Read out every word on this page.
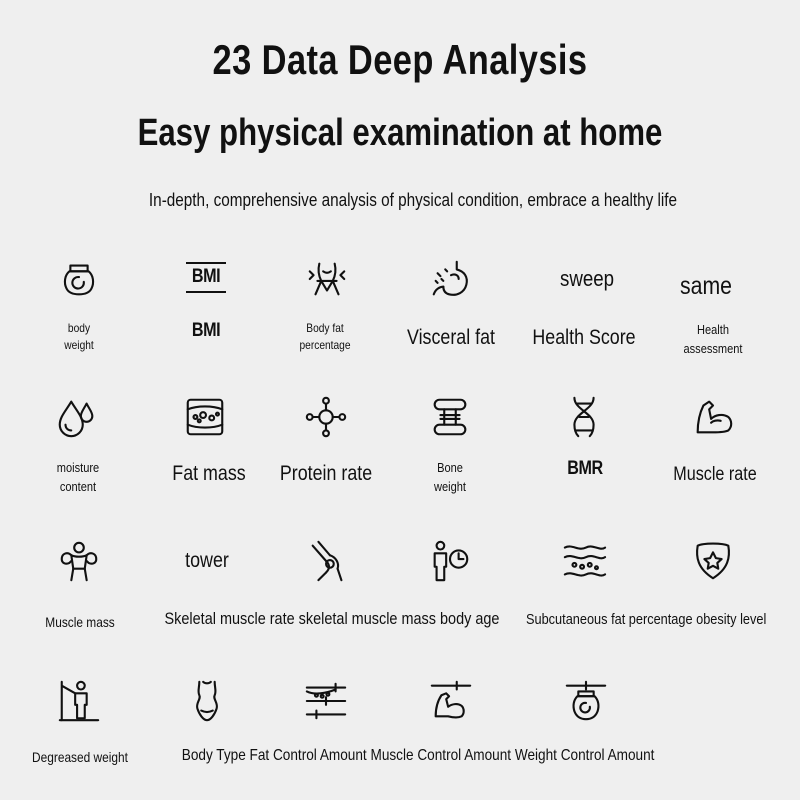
23 Data Deep Analysis
Easy physical examination at home
In-depth, comprehensive analysis of physical condition, embrace a healthy life
body
weight
BMI
BMI	Body fat
percentage	Visceral fat
sweep
Health Score
same
Health
assessment
moisture
content
Fat mass	Protein rate	Bone
weight
BMR	Muscle rate
Muscle mass
tower
Skeletal muscle rate skeletal muscle mass body age	Subcutaneous fat percentage obesity level
Degreased weight	Body Type Fat Control Amount Muscle Control Amount Weight Control Amount
